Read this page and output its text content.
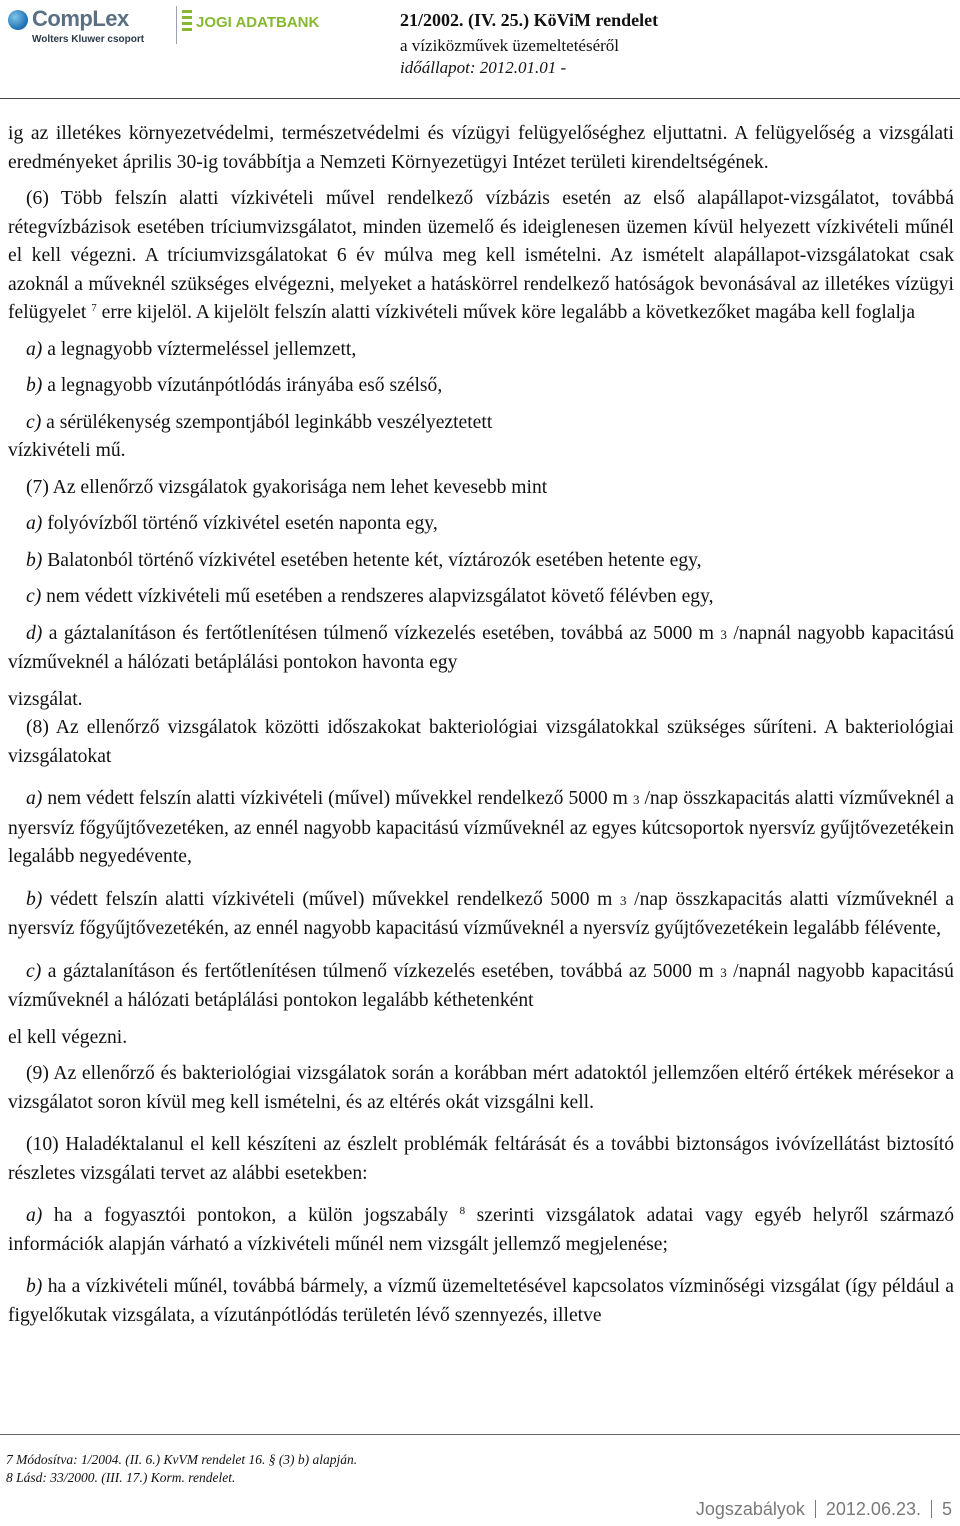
CompLex
Wolters Kluwer csoport
JOGI ADATBANK	21/2002. (IV. 25.) KöViM rendelet
a víziközművek üzemeltetéséről
időállapot: 2012.01.01 -

ig az illetékes környezetvédelmi, természetvédelmi és vízügyi felügyelőséghez eljuttatni. A felügyelőség a vizsgálati eredményeket április 30-ig továbbítja a Nemzeti Környezetügyi Intézet területi kirendeltségének.

(6) Több felszín alatti vízkivételi művel rendelkező vízbázis esetén az első alapállapot-vizsgálatot, továbbá rétegvízbázisok esetében tríciumvizsgálatot, minden üzemelő és ideiglenesen üzemen kívül helyezett vízkivételi műnél el kell végezni. A tríciumvizsgálatokat 6 év múlva meg kell ismételni. Az ismételt alapállapot-vizsgálatokat csak azoknál a műveknél szükséges elvégezni, melyeket a hatáskörrel rendelkező hatóságok bevonásával az illetékes vízügyi felügyelet $^7$ erre kijelöl. A kijelölt felszín alatti vízkivételi művek köre legalább a következőket magába kell foglalja

a) a legnagyobb víztermeléssel jellemzett,

b) a legnagyobb vízutánpótlódás irányába eső szélső,

c) a sérülékenység szempontjából leginkább veszélyeztetett

vízkivételi mű.

(7) Az ellenőrző vizsgálatok gyakorisága nem lehet kevesebb mint

a) folyóvízből történő vízkivétel esetén naponta egy,

b) Balatonból történő vízkivétel esetében hetente két, víztározók esetében hetente egy,

c) nem védett vízkivételi mű esetében a rendszeres alapvizsgálatot követő félévben egy,

d) a gáztalanításon és fertőtlenítésen túlmenő vízkezelés esetében, továbbá az 5000 m 3 /napnál nagyobb kapacitású vízműveknél a hálózati betáplálási pontokon havonta egy

vizsgálat.

(8) Az ellenőrző vizsgálatok közötti időszakokat bakteriológiai vizsgálatokkal szükséges sűríteni. A bakteriológiai vizsgálatokat

a) nem védett felszín alatti vízkivételi (művel) művekkel rendelkező 5000 m 3 /nap összkapacitás alatti vízműveknél a nyersvíz főgyűjtővezetéken, az ennél nagyobb kapacitású vízműveknél az egyes kútcsoportok nyersvíz gyűjtővezetékein legalább negyedévente,

b) védett felszín alatti vízkivételi (művel) művekkel rendelkező 5000 m 3 /nap összkapacitás alatti vízműveknél a nyersvíz főgyűjtővezetékén, az ennél nagyobb kapacitású vízműveknél a nyersvíz gyűjtővezetékein legalább félévente,

c) a gáztalanításon és fertőtlenítésen túlmenő vízkezelés esetében, továbbá az 5000 m 3 /napnál nagyobb kapacitású vízműveknél a hálózati betáplálási pontokon legalább kéthetenként

el kell végezni.

(9) Az ellenőrző és bakteriológiai vizsgálatok során a korábban mért adatoktól jellemzően eltérő értékek mérésekor a vizsgálatot soron kívül meg kell ismételni, és az eltérés okát vizsgálni kell.

(10) Haladéktalanul el kell készíteni az észlelt problémák feltárását és a további biztonságos ivóvízellátást biztosító részletes vizsgálati tervet az alábbi esetekben:

a) ha a fogyasztói pontokon, a külön jogszabály $^8$ szerinti vizsgálatok adatai vagy egyéb helyről származó információk alapján várható a vízkivételi műnél nem vizsgált jellemző megjelenése;

b) ha a vízkivételi műnél, továbbá bármely, a vízmű üzemeltetésével kapcsolatos vízminőségi vizsgálat (így például a figyelőkutak vizsgálata, a vízutánpótlódás területén lévő szennyezés, illetve

7 Módosítva: 1/2004. (II. 6.) KvVM rendelet 16. § (3) b) alapján.
8 Lásd: 33/2000. (III. 17.) Korm. rendelet.
Jogszabályok 2012.06.23. 5
